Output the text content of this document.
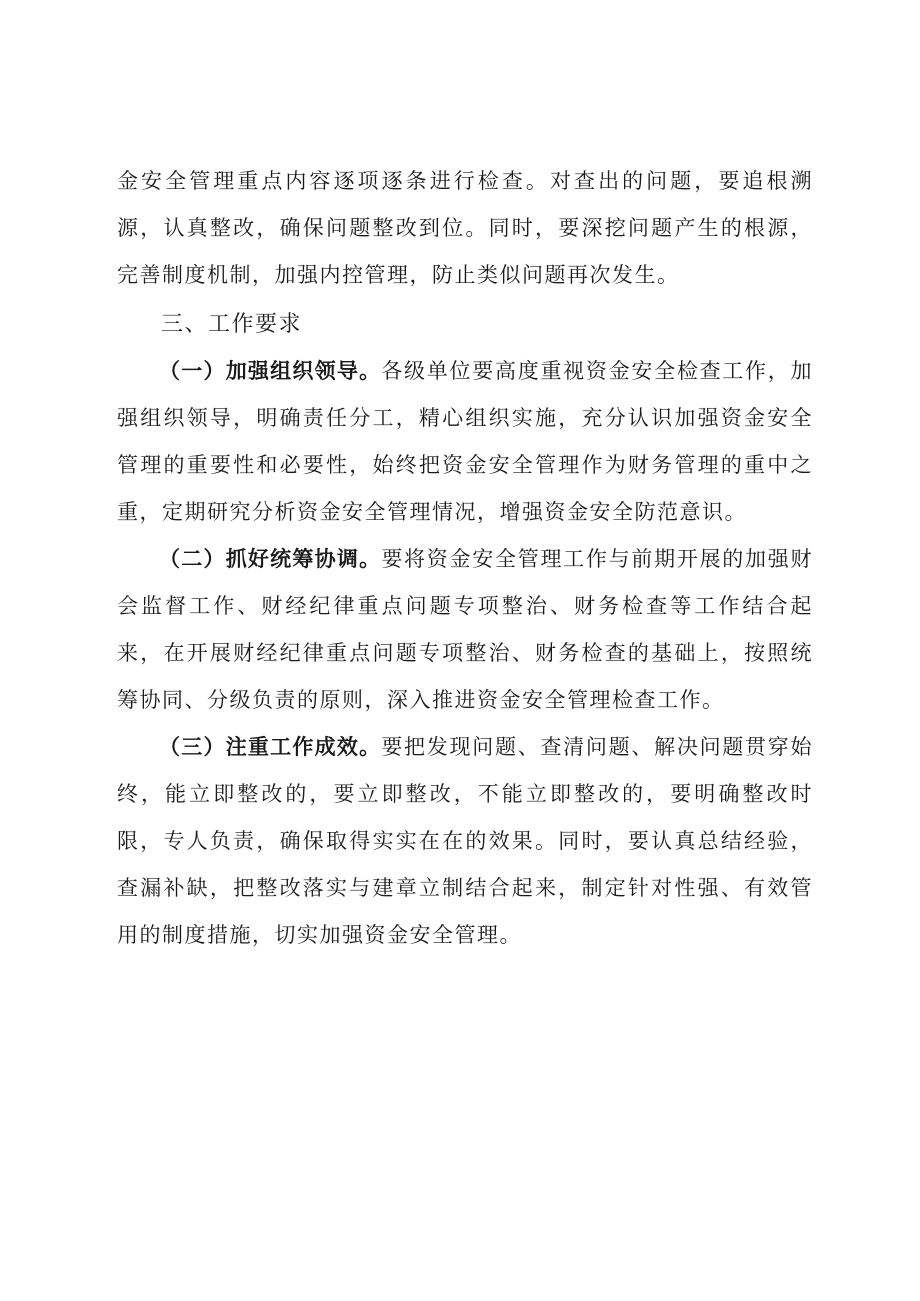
金安全管理重点内容逐项逐条进行检查。对查出的问题，要追根溯源，认真整改，确保问题整改到位。同时，要深挖问题产生的根源，完善制度机制，加强内控管理，防止类似问题再次发生。

三、工作要求

（一）加强组织领导。各级单位要高度重视资金安全检查工作，加强组织领导，明确责任分工，精心组织实施，充分认识加强资金安全管理的重要性和必要性，始终把资金安全管理作为财务管理的重中之重，定期研究分析资金安全管理情况，增强资金安全防范意识。

（二）抓好统筹协调。要将资金安全管理工作与前期开展的加强财会监督工作、财经纪律重点问题专项整治、财务检查等工作结合起来，在开展财经纪律重点问题专项整治、财务检查的基础上，按照统筹协同、分级负责的原则，深入推进资金安全管理检查工作。

（三）注重工作成效。要把发现问题、查清问题、解决问题贯穿始终，能立即整改的，要立即整改，不能立即整改的，要明确整改时限，专人负责，确保取得实实在在的效果。同时，要认真总结经验，查漏补缺，把整改落实与建章立制结合起来，制定针对性强、有效管用的制度措施，切实加强资金安全管理。
